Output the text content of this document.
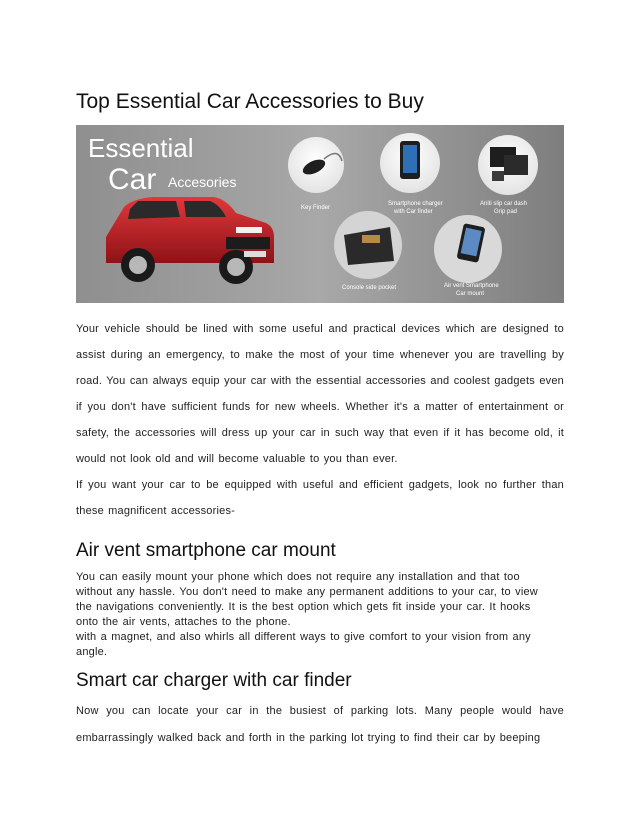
Top Essential Car Accessories to Buy
Essential
Car Accesories
Key Finder
Smartphone charger
with Car finder
Aniti slip car dash
Grip pad
Console side pocket	Air vent Smartphone
Car mount

Your vehicle should be lined with some useful and practical devices which are designed to assist during an emergency, to make the most of your time whenever you are travelling by road. You can always equip your car with the essential accessories and coolest gadgets even if you don't have sufficient funds for new wheels. Whether it's a matter of entertainment or safety, the accessories will dress up your car in such way that even if it has become old, it would not look old and will become valuable to you than ever.

If you want your car to be equipped with useful and efficient gadgets, look no further than these magnificent accessories-

Air vent smartphone car mount
You can easily mount your phone which does not require any installation and that too
without any hassle. You don't need to make any permanent additions to your car, to view
the navigations conveniently. It is the best option which gets fit inside your car. It hooks
onto the air vents, attaches to the phone.
with a magnet, and also whirls all different ways to give comfort to your vision from any
angle.
Smart car charger with car finder

Now you can locate your car in the busiest of parking lots. Many people would have embarrassingly walked back and forth in the parking lot trying to find their car by beeping
